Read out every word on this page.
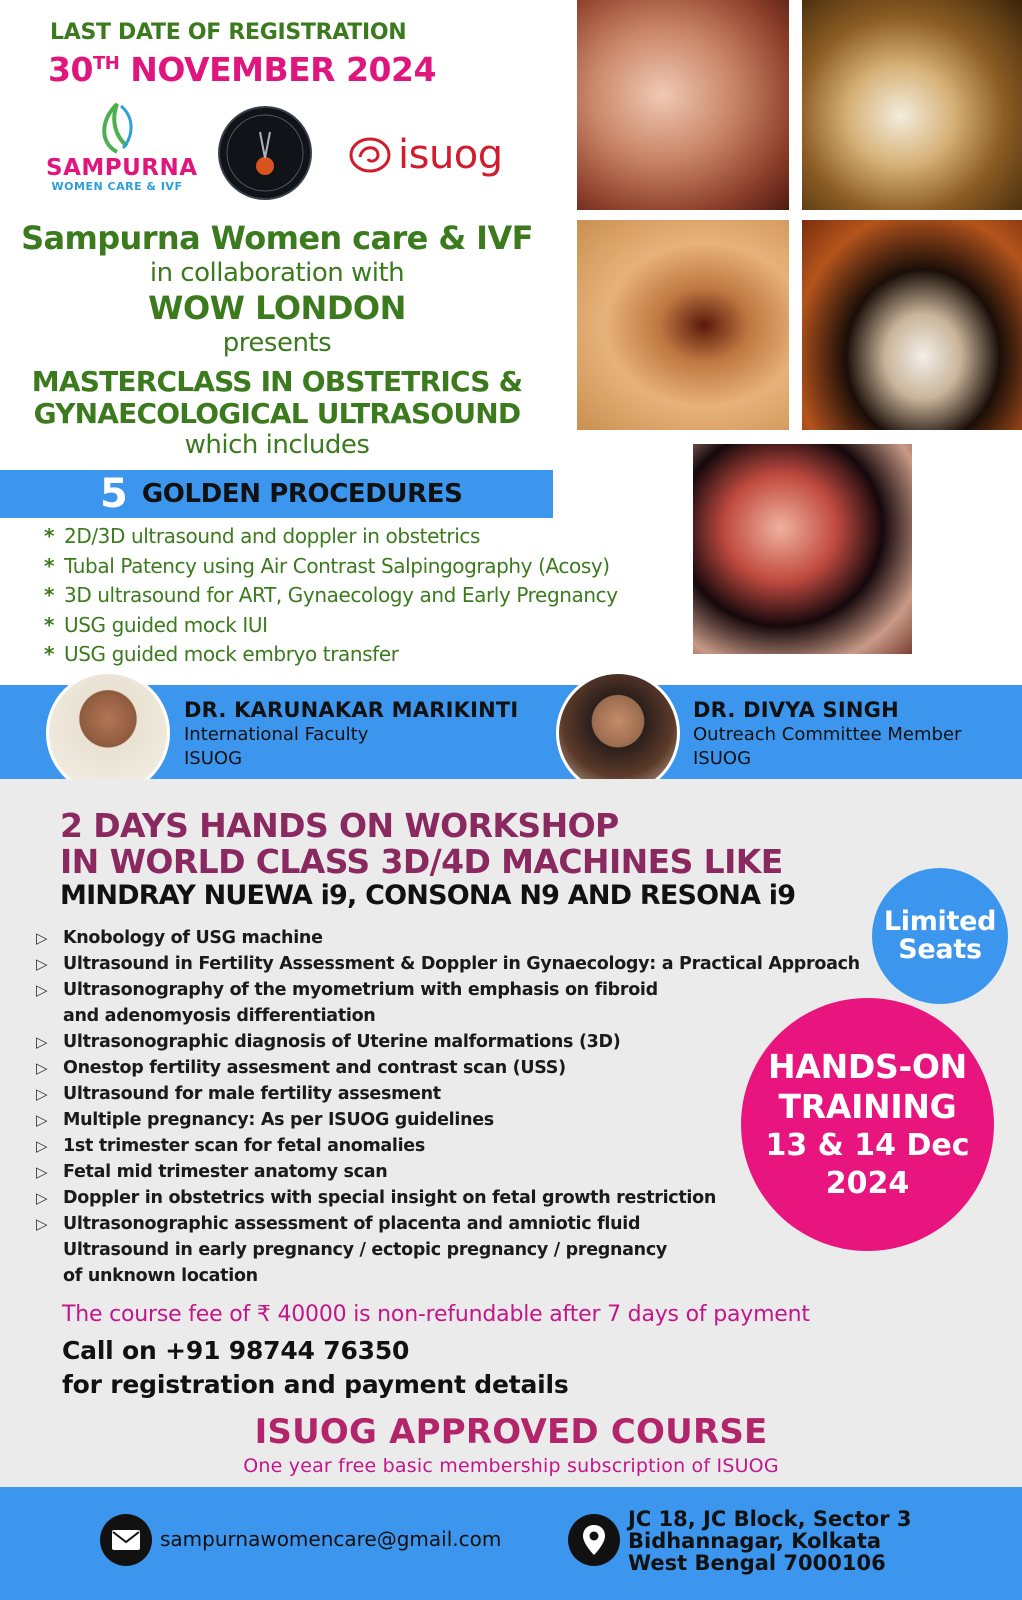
LAST DATE OF REGISTRATION
30TH NOVEMBER 2024
SAMPURNA
WOMEN CARE & IVF
isuog
Sampurna Women care & IVF
in collaboration with
WOW LONDON
presents
MASTERCLASS IN OBSTETRICS &
GYNAECOLOGICAL ULTRASOUND
which includes
5 GOLDEN PROCEDURES
* 2D/3D ultrasound and doppler in obstetrics
* Tubal Patency using Air Contrast Salpingography (Acosy)
* 3D ultrasound for ART, Gynaecology and Early Pregnancy
* USG guided mock IUI
* USG guided mock embryo transfer
DR. KARUNAKAR MARIKINTI
International Faculty
ISUOG
DR. DIVYA SINGH
Outreach Committee Member
ISUOG
2 DAYS HANDS ON WORKSHOP
IN WORLD CLASS 3D/4D MACHINES LIKE
MINDRAY NUEWA i9, CONSONA N9 AND RESONA i9
▷ Knobology of USG machine
▷ Ultrasound in Fertility Assessment & Doppler in Gynaecology: a Practical Approach
▷ Ultrasonography of the myometrium with emphasis on fibroid
and adenomyosis differentiation
▷ Ultrasonographic diagnosis of Uterine malformations (3D)
▷ Onestop fertility assesment and contrast scan (USS)
▷ Ultrasound for male fertility assesment
▷ Multiple pregnancy: As per ISUOG guidelines
▷ 1st trimester scan for fetal anomalies
▷ Fetal mid trimester anatomy scan
▷ Doppler in obstetrics with special insight on fetal growth restriction
▷ Ultrasonographic assessment of placenta and amniotic fluid
Ultrasound in early pregnancy / ectopic pregnancy / pregnancy
of unknown location
Limited
Seats
HANDS-ON
TRAINING
13 & 14 Dec
2024
The course fee of ₹ 40000 is non-refundable after 7 days of payment
Call on +91 98744 76350
for registration and payment details
ISUOG APPROVED COURSE
One year free basic membership subscription of ISUOG
sampurnawomencare@gmail.com
JC 18, JC Block, Sector 3
Bidhannagar, Kolkata
West Bengal 7000106
